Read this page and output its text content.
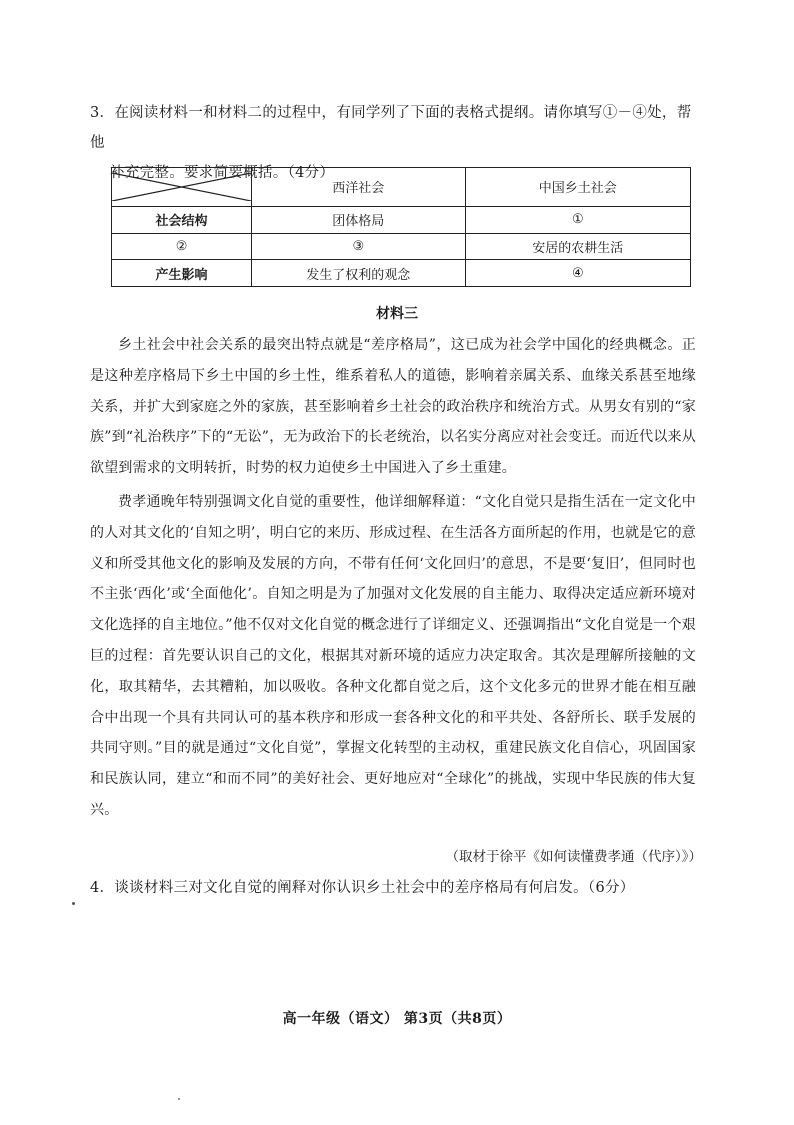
3．在阅读材料一和材料二的过程中，有同学列了下面的表格式提纲。请你填写①－④处，帮他
补充完整。要求简要概括。（4分）
	西洋社会	中国乡土社会
社会结构	团体格局	①
②	③	安居的农耕生活
产生影响	发生了权利的观念	④
材料三

乡土社会中社会关系的最突出特点就是“差序格局”，这已成为社会学中国化的经典概念。正是这种差序格局下乡土中国的乡土性，维系着私人的道德，影响着亲属关系、血缘关系甚至地缘关系，并扩大到家庭之外的家族，甚至影响着乡土社会的政治秩序和统治方式。从男女有别的“家族”到“礼治秩序”下的“无讼”，无为政治下的长老统治，以名实分离应对社会变迁。而近代以来从欲望到需求的文明转折，时势的权力迫使乡土中国进入了乡土重建。

费孝通晚年特别强调文化自觉的重要性，他详细解释道：“文化自觉只是指生活在一定文化中的人对其文化的‘自知之明’，明白它的来历、形成过程、在生活各方面所起的作用，也就是它的意义和所受其他文化的影响及发展的方向，不带有任何‘文化回归’的意思，不是要‘复旧’，但同时也不主张‘西化’或‘全面他化’。自知之明是为了加强对文化发展的自主能力、取得决定适应新环境对文化选择的自主地位。”他不仅对文化自觉的概念进行了详细定义、还强调指出“文化自觉是一个艰巨的过程：首先要认识自己的文化，根据其对新环境的适应力决定取舍。其次是理解所接触的文化，取其精华，去其糟粕，加以吸收。各种文化都自觉之后，这个文化多元的世界才能在相互融合中出现一个具有共同认可的基本秩序和形成一套各种文化的和平共处、各舒所长、联手发展的共同守则。”目的就是通过“文化自觉”，掌握文化转型的主动权，重建民族文化自信心，巩固国家和民族认同，建立“和而不同”的美好社会、更好地应对“全球化”的挑战，实现中华民族的伟大复兴。

（取材于徐平《如何读懂费孝通（代序）》）
4．谈谈材料三对文化自觉的阐释对你认识乡土社会中的差序格局有何启发。（6分）
高一年级（语文） 第3页（共8页）
